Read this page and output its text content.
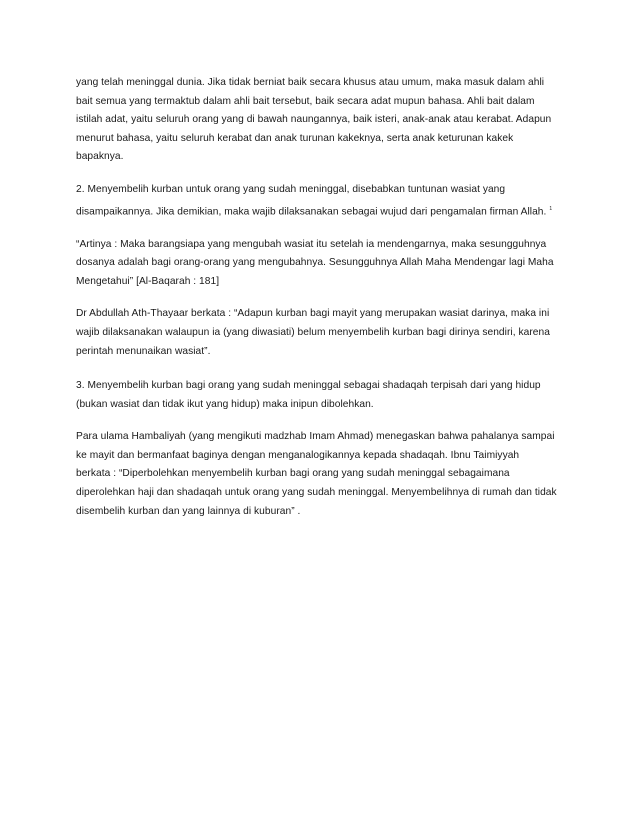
yang telah meninggal dunia. Jika tidak berniat baik secara khusus atau umum, maka masuk dalam ahli
bait semua yang termaktub dalam ahli bait tersebut, baik secara adat mupun bahasa. Ahli bait dalam
istilah adat, yaitu seluruh orang yang di bawah naungannya, baik isteri, anak-anak atau kerabat. Adapun
menurut bahasa, yaitu seluruh kerabat dan anak turunan kakeknya, serta anak keturunan kakek
bapaknya.

2. Menyembelih kurban untuk orang yang sudah meninggal, disebabkan tuntunan wasiat yang
disampaikannya. Jika demikian, maka wajib dilaksanakan sebagai wujud dari pengamalan firman Allah. $^1$

“Artinya : Maka barangsiapa yang mengubah wasiat itu setelah ia mendengarnya, maka sesungguhnya
dosanya adalah bagi orang-orang yang mengubahnya. Sesungguhnya Allah Maha Mendengar lagi Maha
Mengetahui” [Al-Baqarah : 181]

Dr Abdullah Ath-Thayaar berkata : “Adapun kurban bagi mayit yang merupakan wasiat darinya, maka ini
wajib dilaksanakan walaupun ia (yang diwasiati) belum menyembelih kurban bagi dirinya sendiri, karena
perintah menunaikan wasiat”.

3. Menyembelih kurban bagi orang yang sudah meninggal sebagai shadaqah terpisah dari yang hidup
(bukan wasiat dan tidak ikut yang hidup) maka inipun dibolehkan.

Para ulama Hambaliyah (yang mengikuti madzhab Imam Ahmad) menegaskan bahwa pahalanya sampai
ke mayit dan bermanfaat baginya dengan menganalogikannya kepada shadaqah. Ibnu Taimiyyah
berkata : “Diperbolehkan menyembelih kurban bagi orang yang sudah meninggal sebagaimana
diperolehkan haji dan shadaqah untuk orang yang sudah meninggal. Menyembelihnya di rumah dan tidak
disembelih kurban dan yang lainnya di kuburan” .
